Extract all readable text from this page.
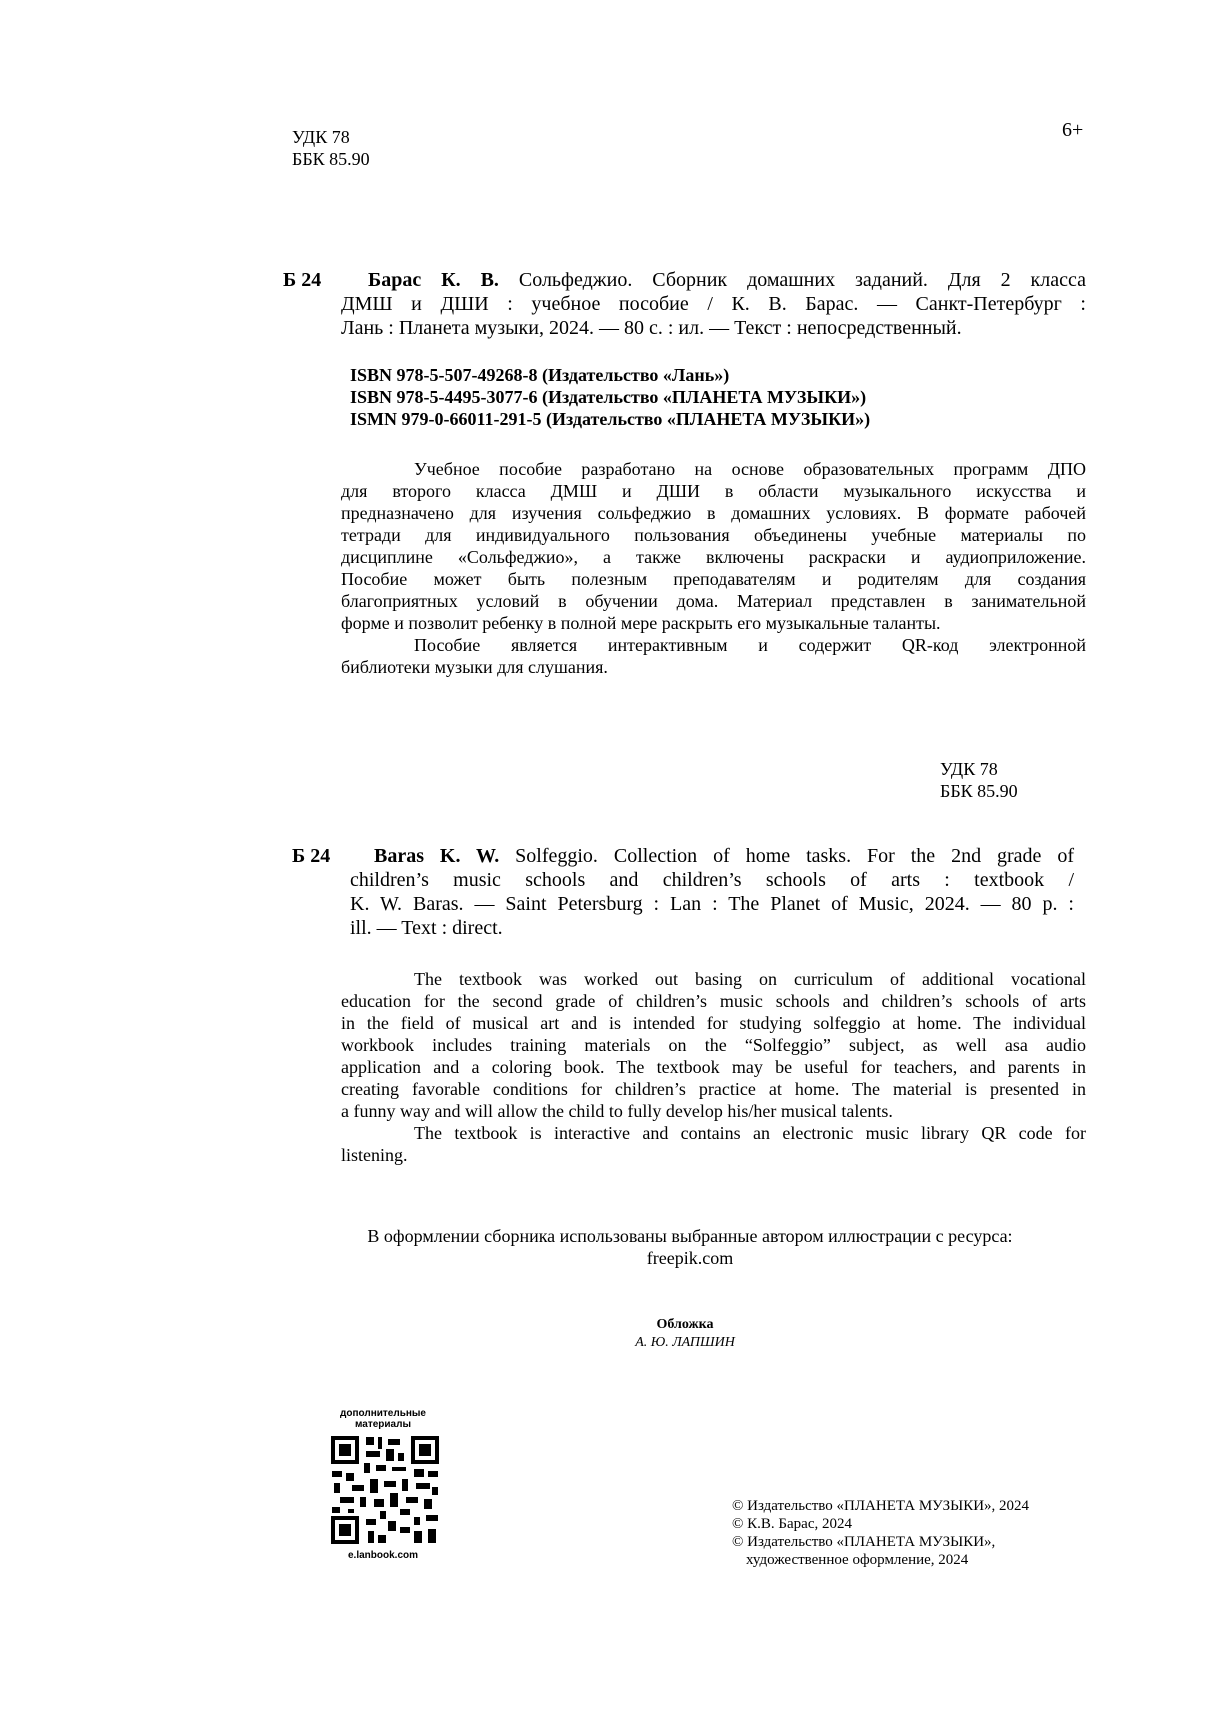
УДК 78
ББК 85.90
6+
Б 24 Барас К. В. Сольфеджио. Сборник домашних заданий. Для 2 класса
ДМШ и ДШИ : учебное пособие / К. В. Барас. — Санкт-Петербург :
Лань : Планета музыки, 2024. — 80 с. : ил. — Текст : непосредственный.
ISBN 978-5-507-49268-8 (Издательство «Лань»)
ISBN 978-5-4495-3077-6 (Издательство «ПЛАНЕТА МУЗЫКИ»)
ISMN 979-0-66011-291-5 (Издательство «ПЛАНЕТА МУЗЫКИ»)
Учебное пособие разработано на основе образовательных программ ДПО
для второго класса ДМШ и ДШИ в области музыкального искусства и
предназначено для изучения сольфеджио в домашних условиях. В формате рабочей
тетради для индивидуального пользования объединены учебные материалы по
дисциплине «Сольфеджио», а также включены раскраски и аудиоприложение.
Пособие может быть полезным преподавателям и родителям для создания
благоприятных условий в обучении дома. Материал представлен в занимательной
форме и позволит ребенку в полной мере раскрыть его музыкальные таланты.
Пособие является интерактивным и содержит QR-код электронной
библиотеки музыки для слушания.
УДК 78
ББК 85.90
Б 24 Baras K. W. Solfeggio. Collection of home tasks. For the 2nd grade of
children’s music schools and children’s schools of arts : textbook /
K. W. Baras. — Saint Petersburg : Lan : The Planet of Music, 2024. — 80 p. :
ill. — Text : direct.
The textbook was worked out basing on curriculum of additional vocational
education for the second grade of children’s music schools and children’s schools of arts
in the field of musical art and is intended for studying solfeggio at home. The individual
workbook includes training materials on the “Solfeggio” subject, as well asa audio
application and a coloring book. The textbook may be useful for teachers, and parents in
creating favorable conditions for children’s practice at home. The material is presented in
a funny way and will allow the child to fully develop his/her musical talents.
The textbook is interactive and contains an electronic music library QR code for
listening.
В оформлении сборника использованы выбранные автором иллюстрации с ресурса:
freepik.com
Обложка
А. Ю. ЛАПШИН
дополнительные
материалы
e.lanbook.com
© Издательство «ПЛАНЕТА МУЗЫКИ», 2024
© К.В. Барас, 2024
© Издательство «ПЛАНЕТА МУЗЫКИ»,
художественное оформление, 2024
